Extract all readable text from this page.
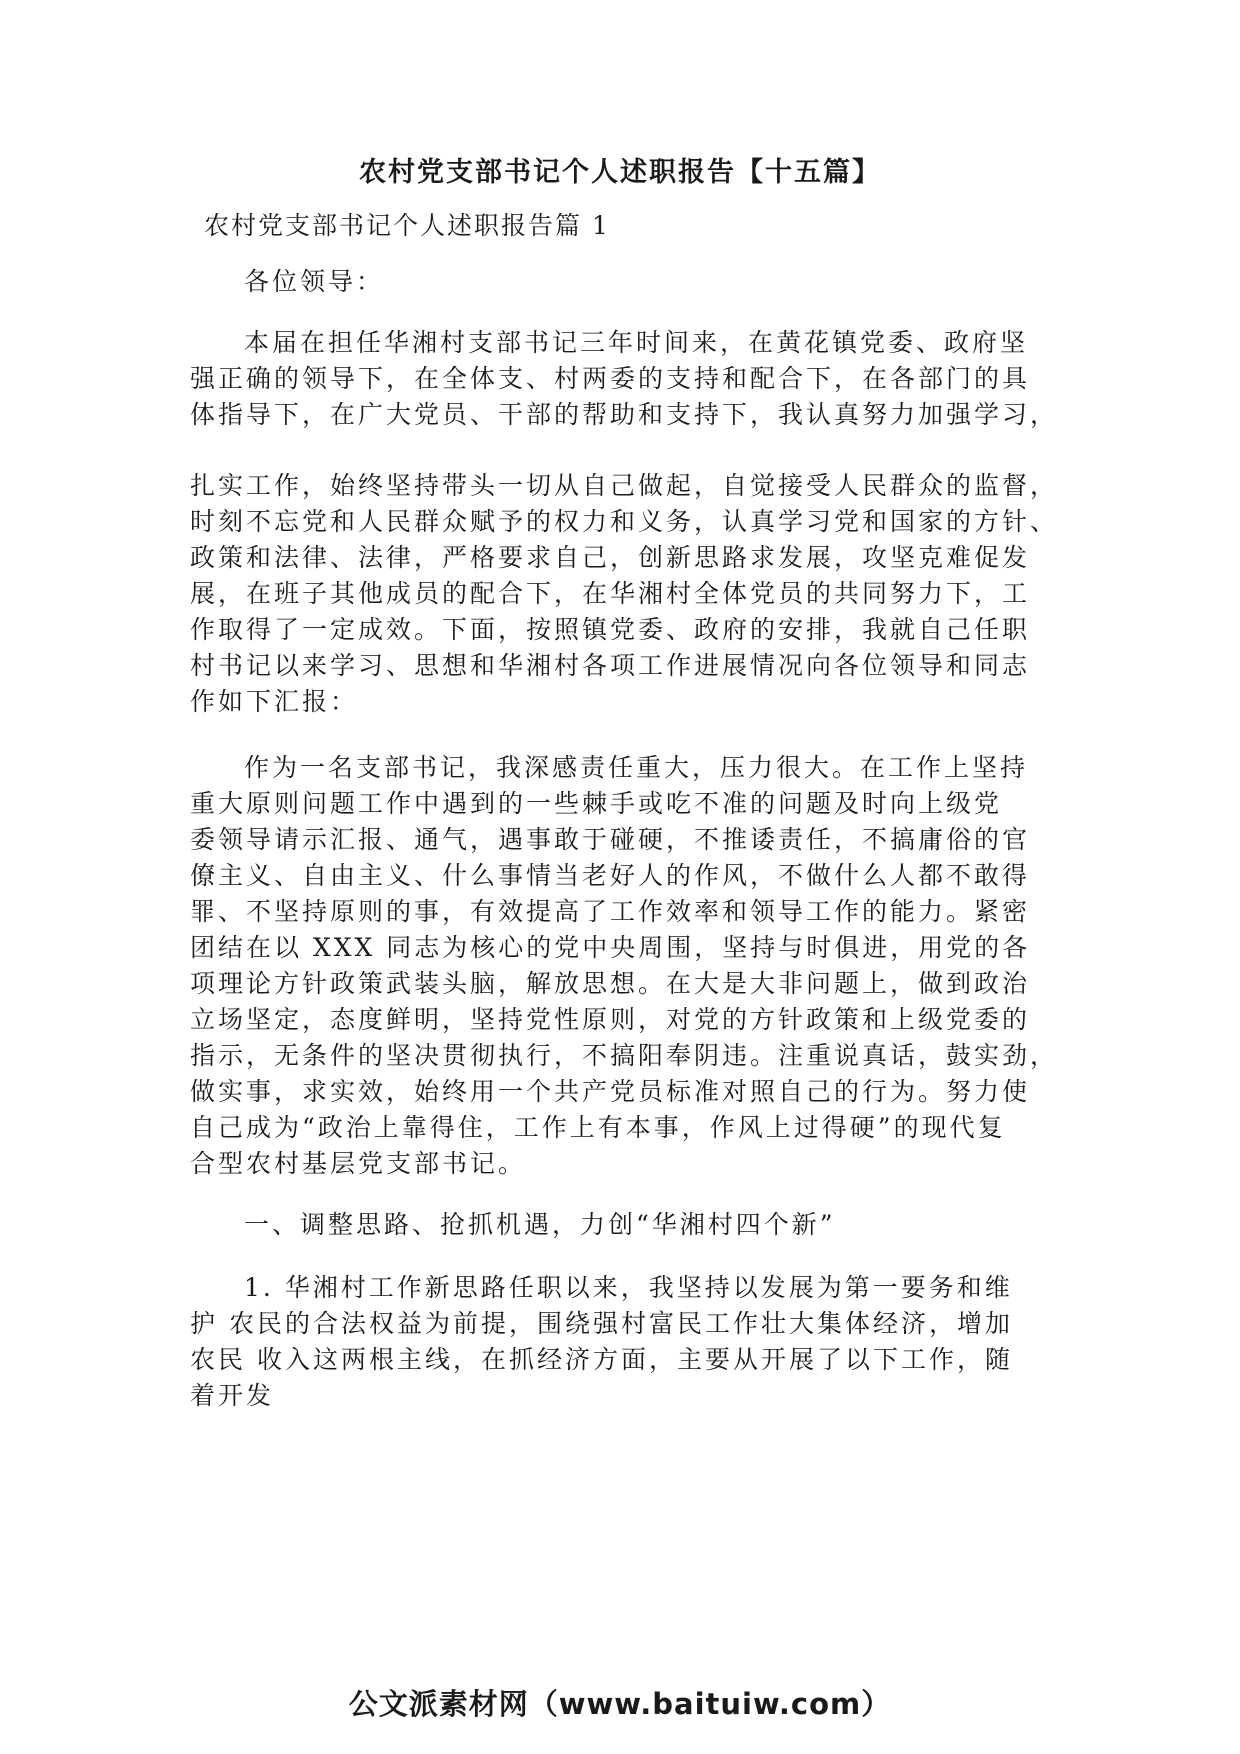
农村党支部书记个人述职报告【十五篇】
农村党支部书记个人述职报告篇 1
各位领导：
本届在担任华湘村支部书记三年时间来，在黄花镇党委、政府坚
强正确的领导下，在全体支、村两委的支持和配合下，在各部门的具
体指导下，在广大党员、干部的帮助和支持下，我认真努力加强学习，
扎实工作，始终坚持带头一切从自己做起，自觉接受人民群众的监督，
时刻不忘党和人民群众赋予的权力和义务，认真学习党和国家的方针、
政策和法律、法律，严格要求自己，创新思路求发展，攻坚克难促发
展，在班子其他成员的配合下，在华湘村全体党员的共同努力下，工
作取得了一定成效。下面，按照镇党委、政府的安排，我就自己任职
村书记以来学习、思想和华湘村各项工作进展情况向各位领导和同志
作如下汇报：
作为一名支部书记，我深感责任重大，压力很大。在工作上坚持
重大原则问题工作中遇到的一些棘手或吃不准的问题及时向上级党
委领导请示汇报、通气，遇事敢于碰硬，不推诿责任，不搞庸俗的官
僚主义、自由主义、什么事情当老好人的作风，不做什么人都不敢得
罪、不坚持原则的事，有效提高了工作效率和领导工作的能力。紧密
团结在以 XXX 同志为核心的党中央周围，坚持与时俱进，用党的各
项理论方针政策武装头脑，解放思想。在大是大非问题上，做到政治
立场坚定，态度鲜明，坚持党性原则，对党的方针政策和上级党委的
指示，无条件的坚决贯彻执行，不搞阳奉阴违。注重说真话，鼓实劲，
做实事，求实效，始终用一个共产党员标准对照自己的行为。努力使
自己成为“政治上靠得住，工作上有本事，作风上过得硬”的现代复
合型农村基层党支部书记。
一、调整思路、抢抓机遇，力创“华湘村四个新”
1. 华湘村工作新思路任职以来，我坚持以发展为第一要务和维
护 农民的合法权益为前提，围绕强村富民工作壮大集体经济，增加
农民 收入这两根主线，在抓经济方面，主要从开展了以下工作，随
着开发
公文派素材网（www.baituiw.com）
